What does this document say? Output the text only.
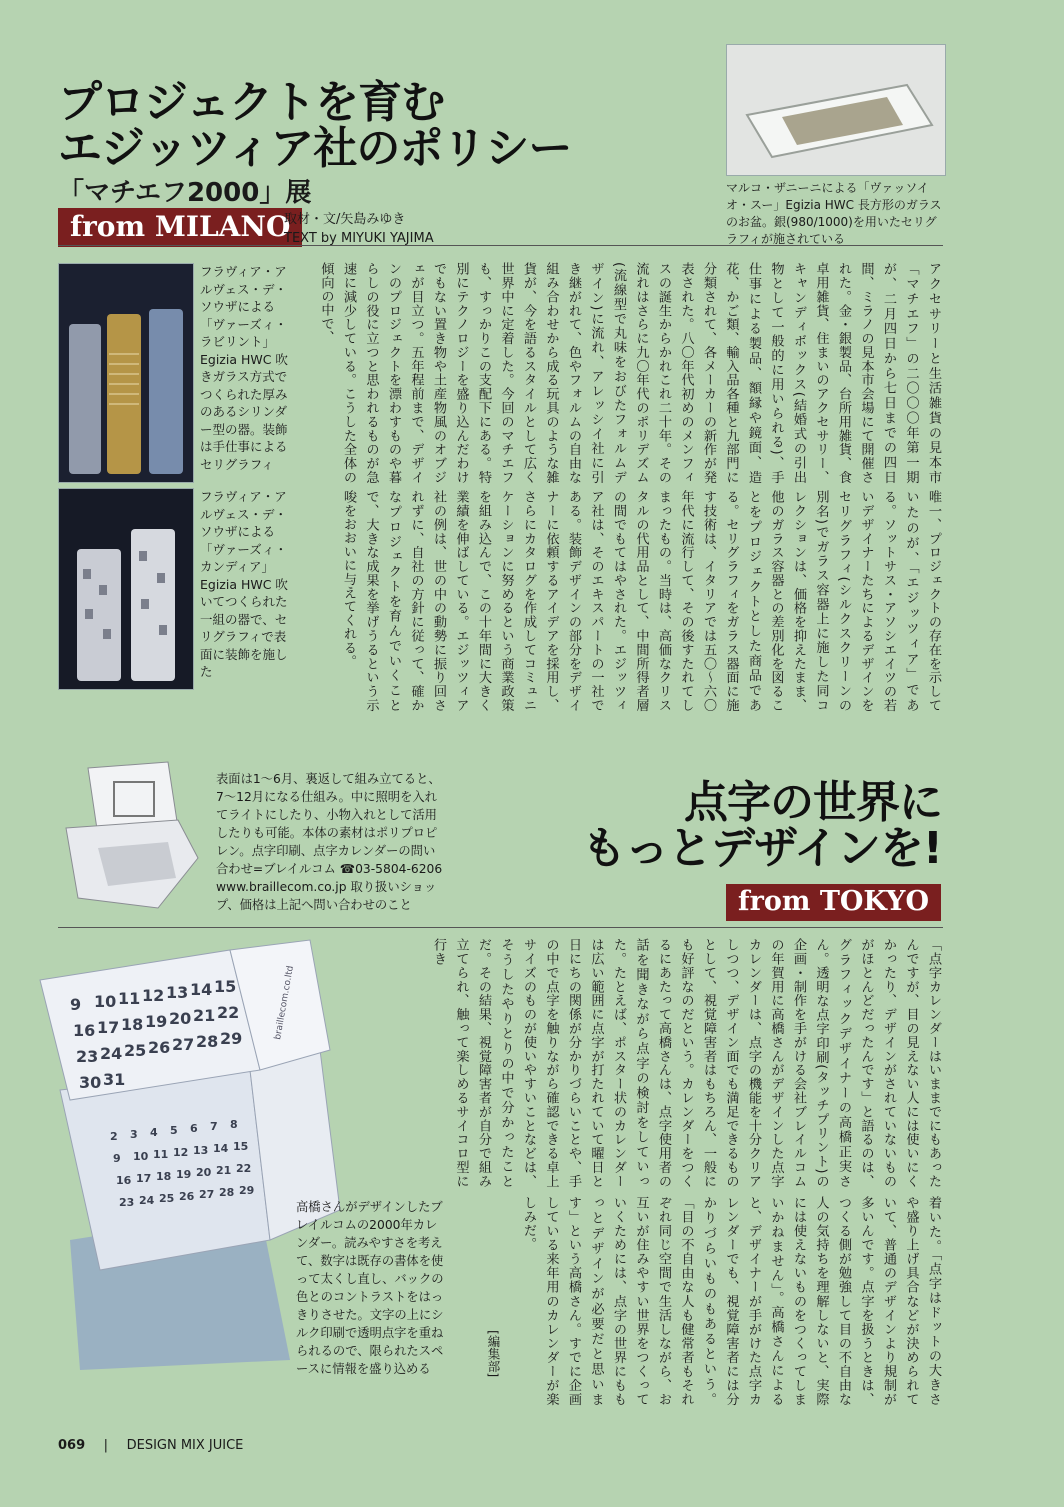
プロジェクトを育む
エジッツィア社のポリシー
「マチエフ2000」展
from MILANO
取材・文/矢島みゆき
TEXT by MIYUKI YAJIMA
マルコ・ザニーニによる「ヴァッソイオ・スー」Egizia HWC 長方形のガラスのお盆。銀(980/1000)を用いたセリグラフィが施されている
フラヴィア・アルヴェス・デ・ソウザによる「ヴァーズィ・ラビリント」Egizia HWC 吹きガラス方式でつくられた厚みのあるシリンダー型の器。装飾は手仕事によるセリグラフィ
フラヴィア・アルヴェス・デ・ソウザによる「ヴァーズィ・カンディア」Egizia HWC 吹いてつくられた一組の器で、セリグラフィで表面に装飾を施した
アクセサリーと生活雑貨の見本市「マチエフ」の二〇〇〇年第一期が、二月四日から七日までの四日間、ミラノの見本市会場にて開催された。金・銀製品、台所用雑貨、食卓用雑貨、住まいのアクセサリー、キャンディボックス(結婚式の引出物として一般的に用いられる)、手仕事による製品、額縁や鏡面、造花、かご類、輸入品各種と九部門に分類されて、各メーカーの新作が発表された。八〇年代初めのメンフィスの誕生からかれこれ二十年。その流れはさらに九〇年代のポリデズム(流線型で丸味をおびたフォルムデザイン)に流れ、アレッシイ社に引き継がれて、色やフォルムの自由な組み合わせから成る玩具のような雑貨が、今を語るスタイルとして広く世界中に定着した。今回のマチエフも、すっかりこの支配下にある。特別にテクノロジーを盛り込んだわけでもない置き物や土産物風のオブジェが目立つ。五年程前まで、デザインのプロジェクトを漂わすものや暮らしの役に立つと思われるものが急速に減少している。こうした全体の傾向の中で、
唯一、プロジェクトの存在を示していたのが、「エジッツィア」である。ソットサス・アソシエイツの若いデザイナーたちによるデザインをセリグラフィ(シルクスクリーンの別名)でガラス容器上に施した同コレクションは、価格を抑えたまま、他のガラス容器との差別化を図ることをプロジェクトとした商品である。セリグラフィをガラス器面に施す技術は、イタリアでは五〇〜六〇年代に流行して、その後すたれてしまったもの。当時は、高価なクリスタルの代用品として、中間所得者層の間でもてはやされた。エジッツィア社は、そのエキスパートの一社である。装飾デザインの部分をデザイナーに依頼するアイデアを採用し、さらにカタログを作成してコミュニケーションに努めるという商業政策を組み込んで、この十年間に大きく業績を伸ばしている。エジッツィア社の例は、世の中の動勢に振り回されずに、自社の方針に従って、確かなプロジェクトを育んでいくことで、大きな成果を挙げうるという示唆をおおいに与えてくれる。
表面は1〜6月、裏返して組み立てると、7〜12月になる仕組み。中に照明を入れてライトにしたり、小物入れとして活用したりも可能。本体の素材はポリプロピレン。点字印刷、点字カレンダーの問い合わせ=ブレイルコム ☎03-5804-6206 www.braillecom.co.jp 取り扱いショップ、価格は上記へ問い合わせのこと
点字の世界に
もっとデザインを!
from TOKYO
9 10 11 12 13 14 15
16 17 18 19 20 21 22
23 24 25 26 27 28 29
30 31
2 3 4 5 6 7 8
9 10 11 12 13 14 15
16 17 18 19 20 21 22
23 24 25 26 27 28 29
braillecom.co.ltd
高橋さんがデザインしたブレイルコムの2000年カレンダー。読みやすさを考えて、数字は既存の書体を使って太くし直し、バックの色とのコントラストをはっきりさせた。文字の上にシルク印刷で透明点字を重ねられるので、限られたスペースに情報を盛り込める
「点字カレンダーはいままでにもあったんですが、目の見えない人には使いにくかったり、デザインがされていないものがほとんどだったんです」と語るのは、グラフィックデザイナーの高橋正実さん。透明な点字印刷(タッチプリント)の企画・制作を手がける会社ブレイルコムの年賀用に高橋さんがデザインした点字カレンダーは、点字の機能を十分クリアしつつ、デザイン面でも満足できるものとして、視覚障害者はもちろん、一般にも好評なのだという。カレンダーをつくるにあたって高橋さんは、点字使用者の話を聞きながら点字の検討をしていった。たとえば、ポスター状のカレンダーは広い範囲に点字が打たれていて曜日と日にちの関係が分かりづらいことや、手の中で点字を触りながら確認できる卓上サイズのものが使いやすいことなどは、そうしたやりとりの中で分かったことだ。その結果、視覚障害者が自分で組み立てられ、触って楽しめるサイコロ型に行き
着いた。「点字はドットの大きさや盛り上げ具合などが決められていて、普通のデザインより規制が多いんです。点字を扱うときは、つくる側が勉強して目の不自由な人の気持ちを理解しないと、実際には使えないものをつくってしまいかねません」。高橋さんによると、デザイナーが手がけた点字カレンダーでも、視覚障害者には分かりづらいものもあるという。「目の不自由な人も健常者もそれぞれ同じ空間で生活しながら、お互いが住みやすい世界をつくっていくためには、点字の世界にももっとデザインが必要だと思います」という高橋さん。すでに企画している来年用のカレンダーが楽しみだ。
[編集部]
069 | DESIGN MIX JUICE
